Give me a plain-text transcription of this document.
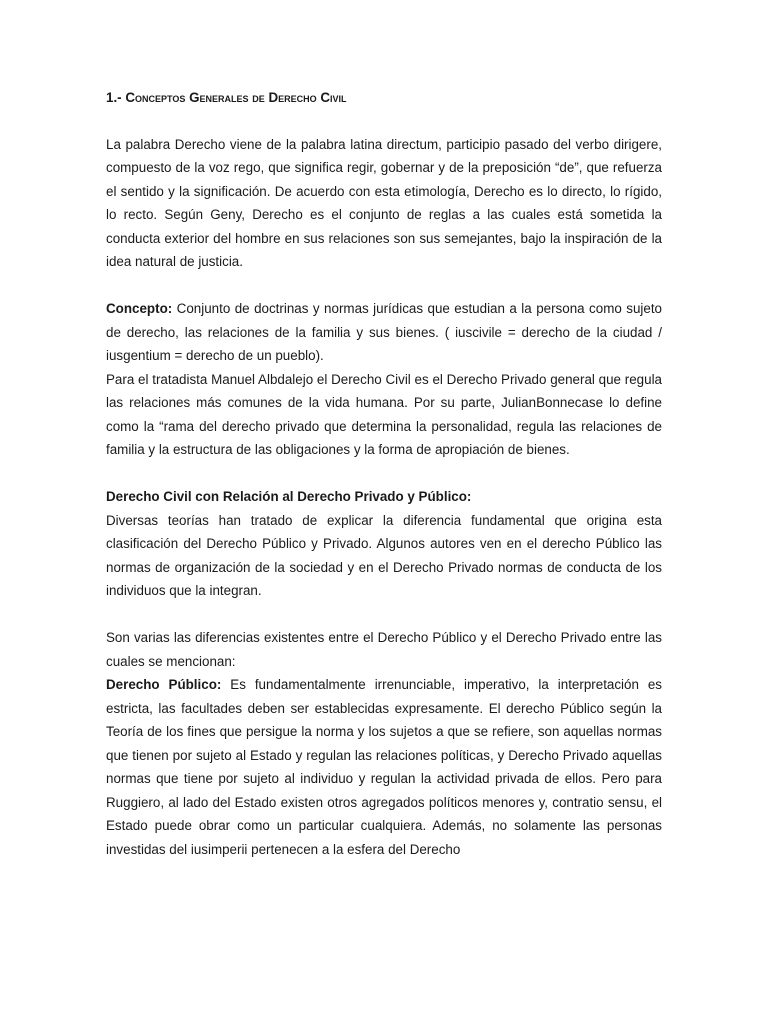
1.- Conceptos Generales de Derecho Civil

La palabra Derecho viene de la palabra latina directum, participio pasado del verbo dirigere, compuesto de la voz rego, que significa regir, gobernar y de la preposición “de”, que refuerza el sentido y la significación. De acuerdo con esta etimología, Derecho es lo directo, lo rígido, lo recto. Según Geny, Derecho es el conjunto de reglas a las cuales está sometida la conducta exterior del hombre en sus relaciones son sus semejantes, bajo la inspiración de la idea natural de justicia.

Concepto: Conjunto de doctrinas y normas jurídicas que estudian a la persona como sujeto de derecho, las relaciones de la familia y sus bienes. ( iuscivile = derecho de la ciudad / iusgentium = derecho de un pueblo).

Para el tratadista Manuel Albdalejo el Derecho Civil es el Derecho Privado general que regula las relaciones más comunes de la vida humana. Por su parte, JulianBonnecase lo define como la “rama del derecho privado que determina la personalidad, regula las relaciones de familia y la estructura de las obligaciones y la forma de apropiación de bienes.

Derecho Civil con Relación al Derecho Privado y Público:

Diversas teorías han tratado de explicar la diferencia fundamental que origina esta clasificación del Derecho Público y Privado. Algunos autores ven en el derecho Público las normas de organización de la sociedad y en el Derecho Privado normas de conducta de los individuos que la integran.

Son varias las diferencias existentes entre el Derecho Público y el Derecho Privado entre las cuales se mencionan:

Derecho Público: Es fundamentalmente irrenunciable, imperativo, la interpretación es estricta, las facultades deben ser establecidas expresamente. El derecho Público según la Teoría de los fines que persigue la norma y los sujetos a que se refiere, son aquellas normas que tienen por sujeto al Estado y regulan las relaciones políticas, y Derecho Privado aquellas normas que tiene por sujeto al individuo y regulan la actividad privada de ellos. Pero para Ruggiero, al lado del Estado existen otros agregados políticos menores y, contratio sensu, el Estado puede obrar como un particular cualquiera. Además, no solamente las personas investidas del iusimperii pertenecen a la esfera del Derecho
